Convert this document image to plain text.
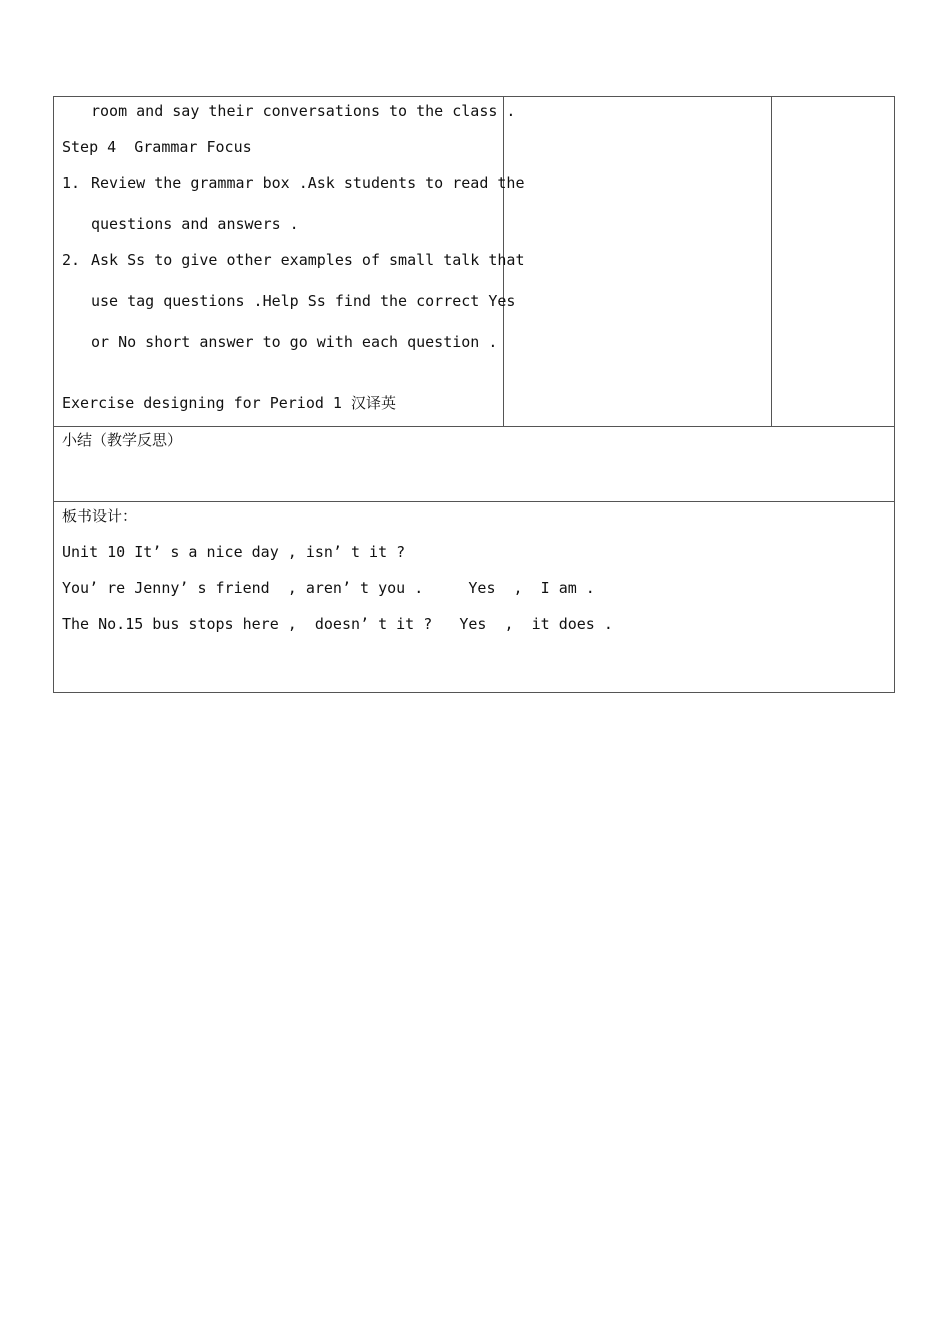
room and say their conversations to the class .
Step 4  Grammar Focus
1. Review the grammar box .Ask students to read the
questions and answers .
2. Ask Ss to give other examples of small talk that
use tag questions .Help Ss find the correct Yes
or No short answer to go with each question .
Exercise designing for Period 1 汉译英

小结（教学反思）

板书设计：
Unit 10 It’ s a nice day , isn’ t it ?
You’ re Jenny’ s friend  , aren’ t you .     Yes  ,  I am .
The No.15 bus stops here ,  doesn’ t it ?   Yes  ,  it does .
